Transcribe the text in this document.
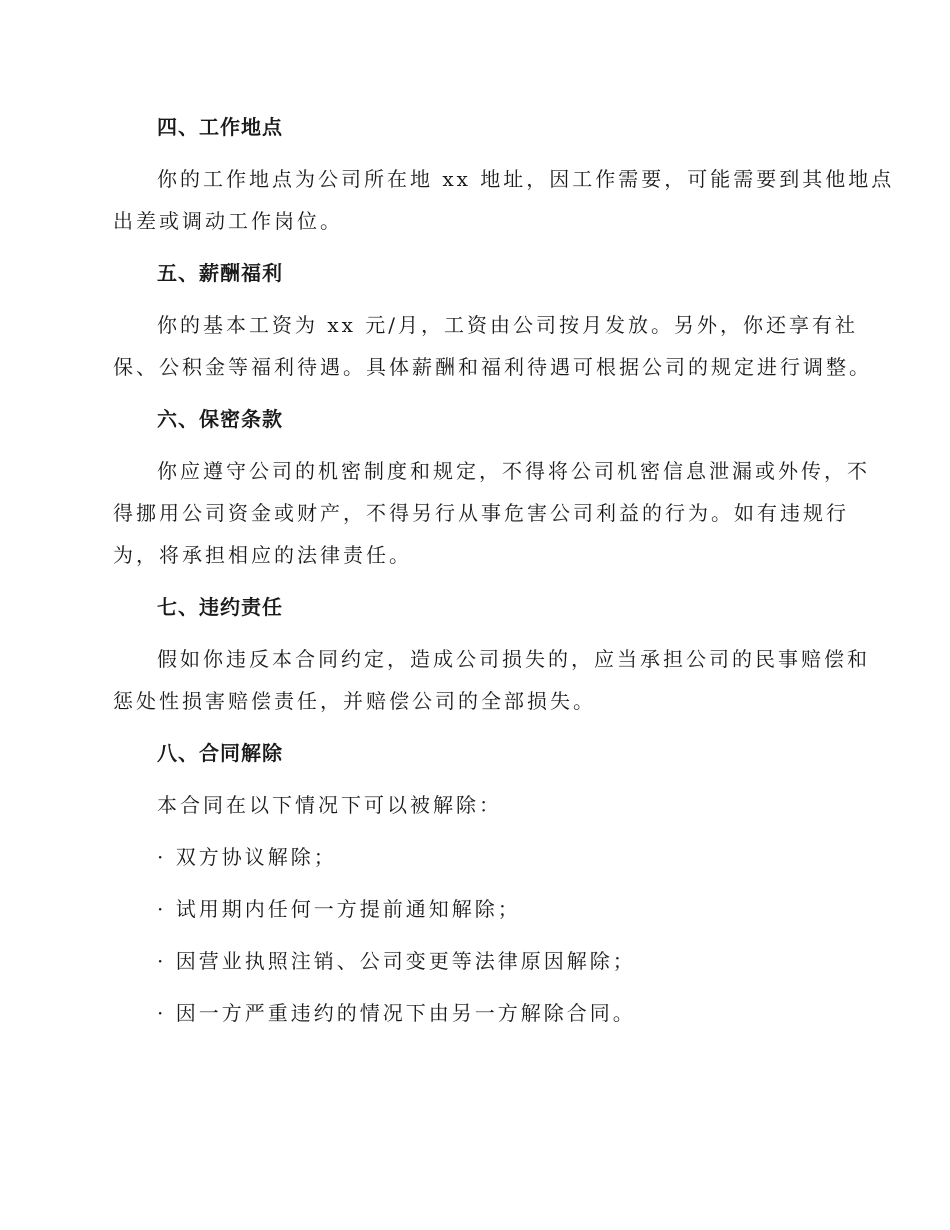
四、工作地点
你的工作地点为公司所在地 xx 地址，因工作需要，可能需要到其他地点
出差或调动工作岗位。
五、薪酬福利
你的基本工资为 xx 元/月，工资由公司按月发放。另外，你还享有社
保、公积金等福利待遇。具体薪酬和福利待遇可根据公司的规定进行调整。
六、保密条款
你应遵守公司的机密制度和规定，不得将公司机密信息泄漏或外传，不
得挪用公司资金或财产，不得另行从事危害公司利益的行为。如有违规行
为，将承担相应的法律责任。
七、违约责任
假如你违反本合同约定，造成公司损失的，应当承担公司的民事赔偿和
惩处性损害赔偿责任，并赔偿公司的全部损失。
八、合同解除
本合同在以下情况下可以被解除：
· 双方协议解除；
· 试用期内任何一方提前通知解除；
· 因营业执照注销、公司变更等法律原因解除；
· 因一方严重违约的情况下由另一方解除合同。
